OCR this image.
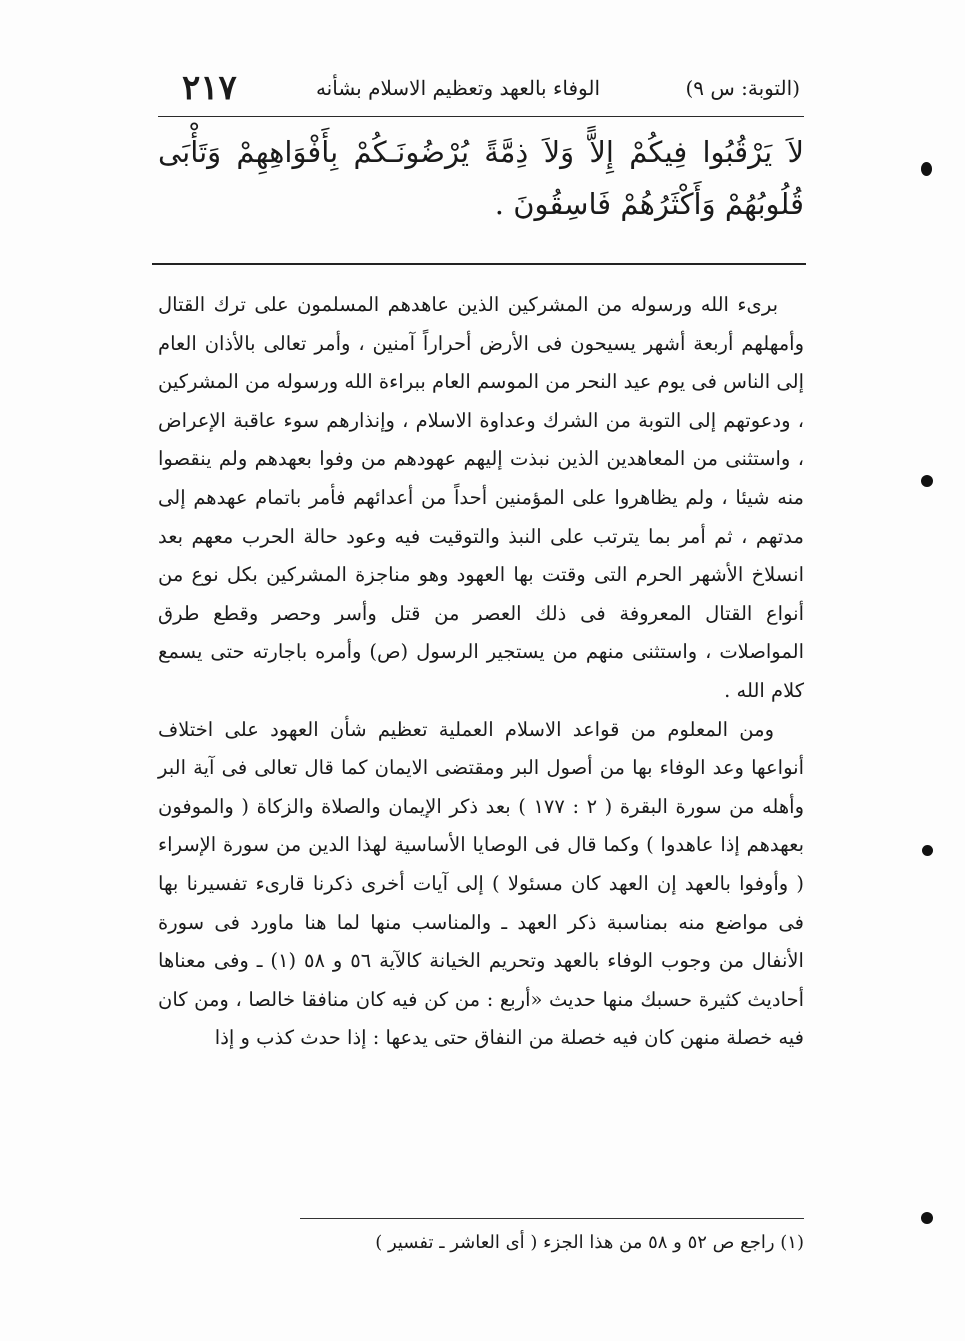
(التوبة: س ٩)
الوفاء بالعهد وتعظيم الاسلام بشأنه
٢١٧
لاَ يَرْقُبُوا فِيكُمْ إِلاًّ وَلاَ ذِمَّةً يُرْضُونَـكُمْ بِأَفْوَاهِهِمْ وَتَأْبَى قُلُوبُهُمْ وَأَكْثَرُهُمْ فَاسِقُونَ .

برىء الله ورسوله من المشركين الذين عاهدهم المسلمون على ترك القتال وأمهلهم أربعة أشهر يسيحون فى الأرض أحراراً آمنين ، وأمر تعالى بالأذان العام إلى الناس فى يوم عيد النحر من الموسم العام ببراءة الله ورسوله من المشركين ، ودعوتهم إلى التوبة من الشرك وعداوة الاسلام ، وإنذارهم سوء عاقبة الإعراض ، واستثنى من المعاهدين الذين نبذت إليهم عهودهم من وفوا بعهدهم ولم ينقصوا منه شيئا ، ولم يظاهروا على المؤمنين أحداً من أعدائهم فأمر باتمام عهدهم إلى مدتهم ، ثم أمر بما يترتب على النبذ والتوقيت فيه وعود حالة الحرب معهم بعد انسلاخ الأشهر الحرم التى وقتت بها العهود وهو مناجزة المشركين بكل نوع من أنواع القتال المعروفة فى ذلك العصر من قتل وأسر وحصر وقطع طرق المواصلات ، واستثنى منهم من يستجير الرسول (ص) وأمره باجارته حتى يسمع كلام الله .

ومن المعلوم من قواعد الاسلام العملية تعظيم شأن العهود على اختلاف أنواعها وعد الوفاء بها من أصول البر ومقتضى الايمان كما قال تعالى فى آية البر وأهله من سورة البقرة ( ٢ : ١٧٧ ) بعد ذكر الإيمان والصلاة والزكاة ( والموفون بعهدهم إذا عاهدوا ) وكما قال فى الوصايا الأساسية لهذا الدين من سورة الإسراء ( وأوفوا بالعهد إن العهد كان مسئولا ) إلى آيات أخرى ذكرنا قارىء تفسيرنا بها فى مواضع منه بمناسبة ذكر العهد ـ والمناسب منها لما هنا ماورد فى سورة الأنفال من وجوب الوفاء بالعهد وتحريم الخيانة كالآية ٥٦ و ٥٨ (١) ـ وفى معناها أحاديث كثيرة حسبك منها حديث «أربع : من كن فيه كان منافقا خالصا ، ومن كان فيه خصلة منهن كان فيه خصلة من النفاق حتى يدعها : إذا حدث كذب و إذا

(١) راجع ص ٥٢ و ٥٨ من هذا الجزء ( أى العاشر ـ تفسير )
